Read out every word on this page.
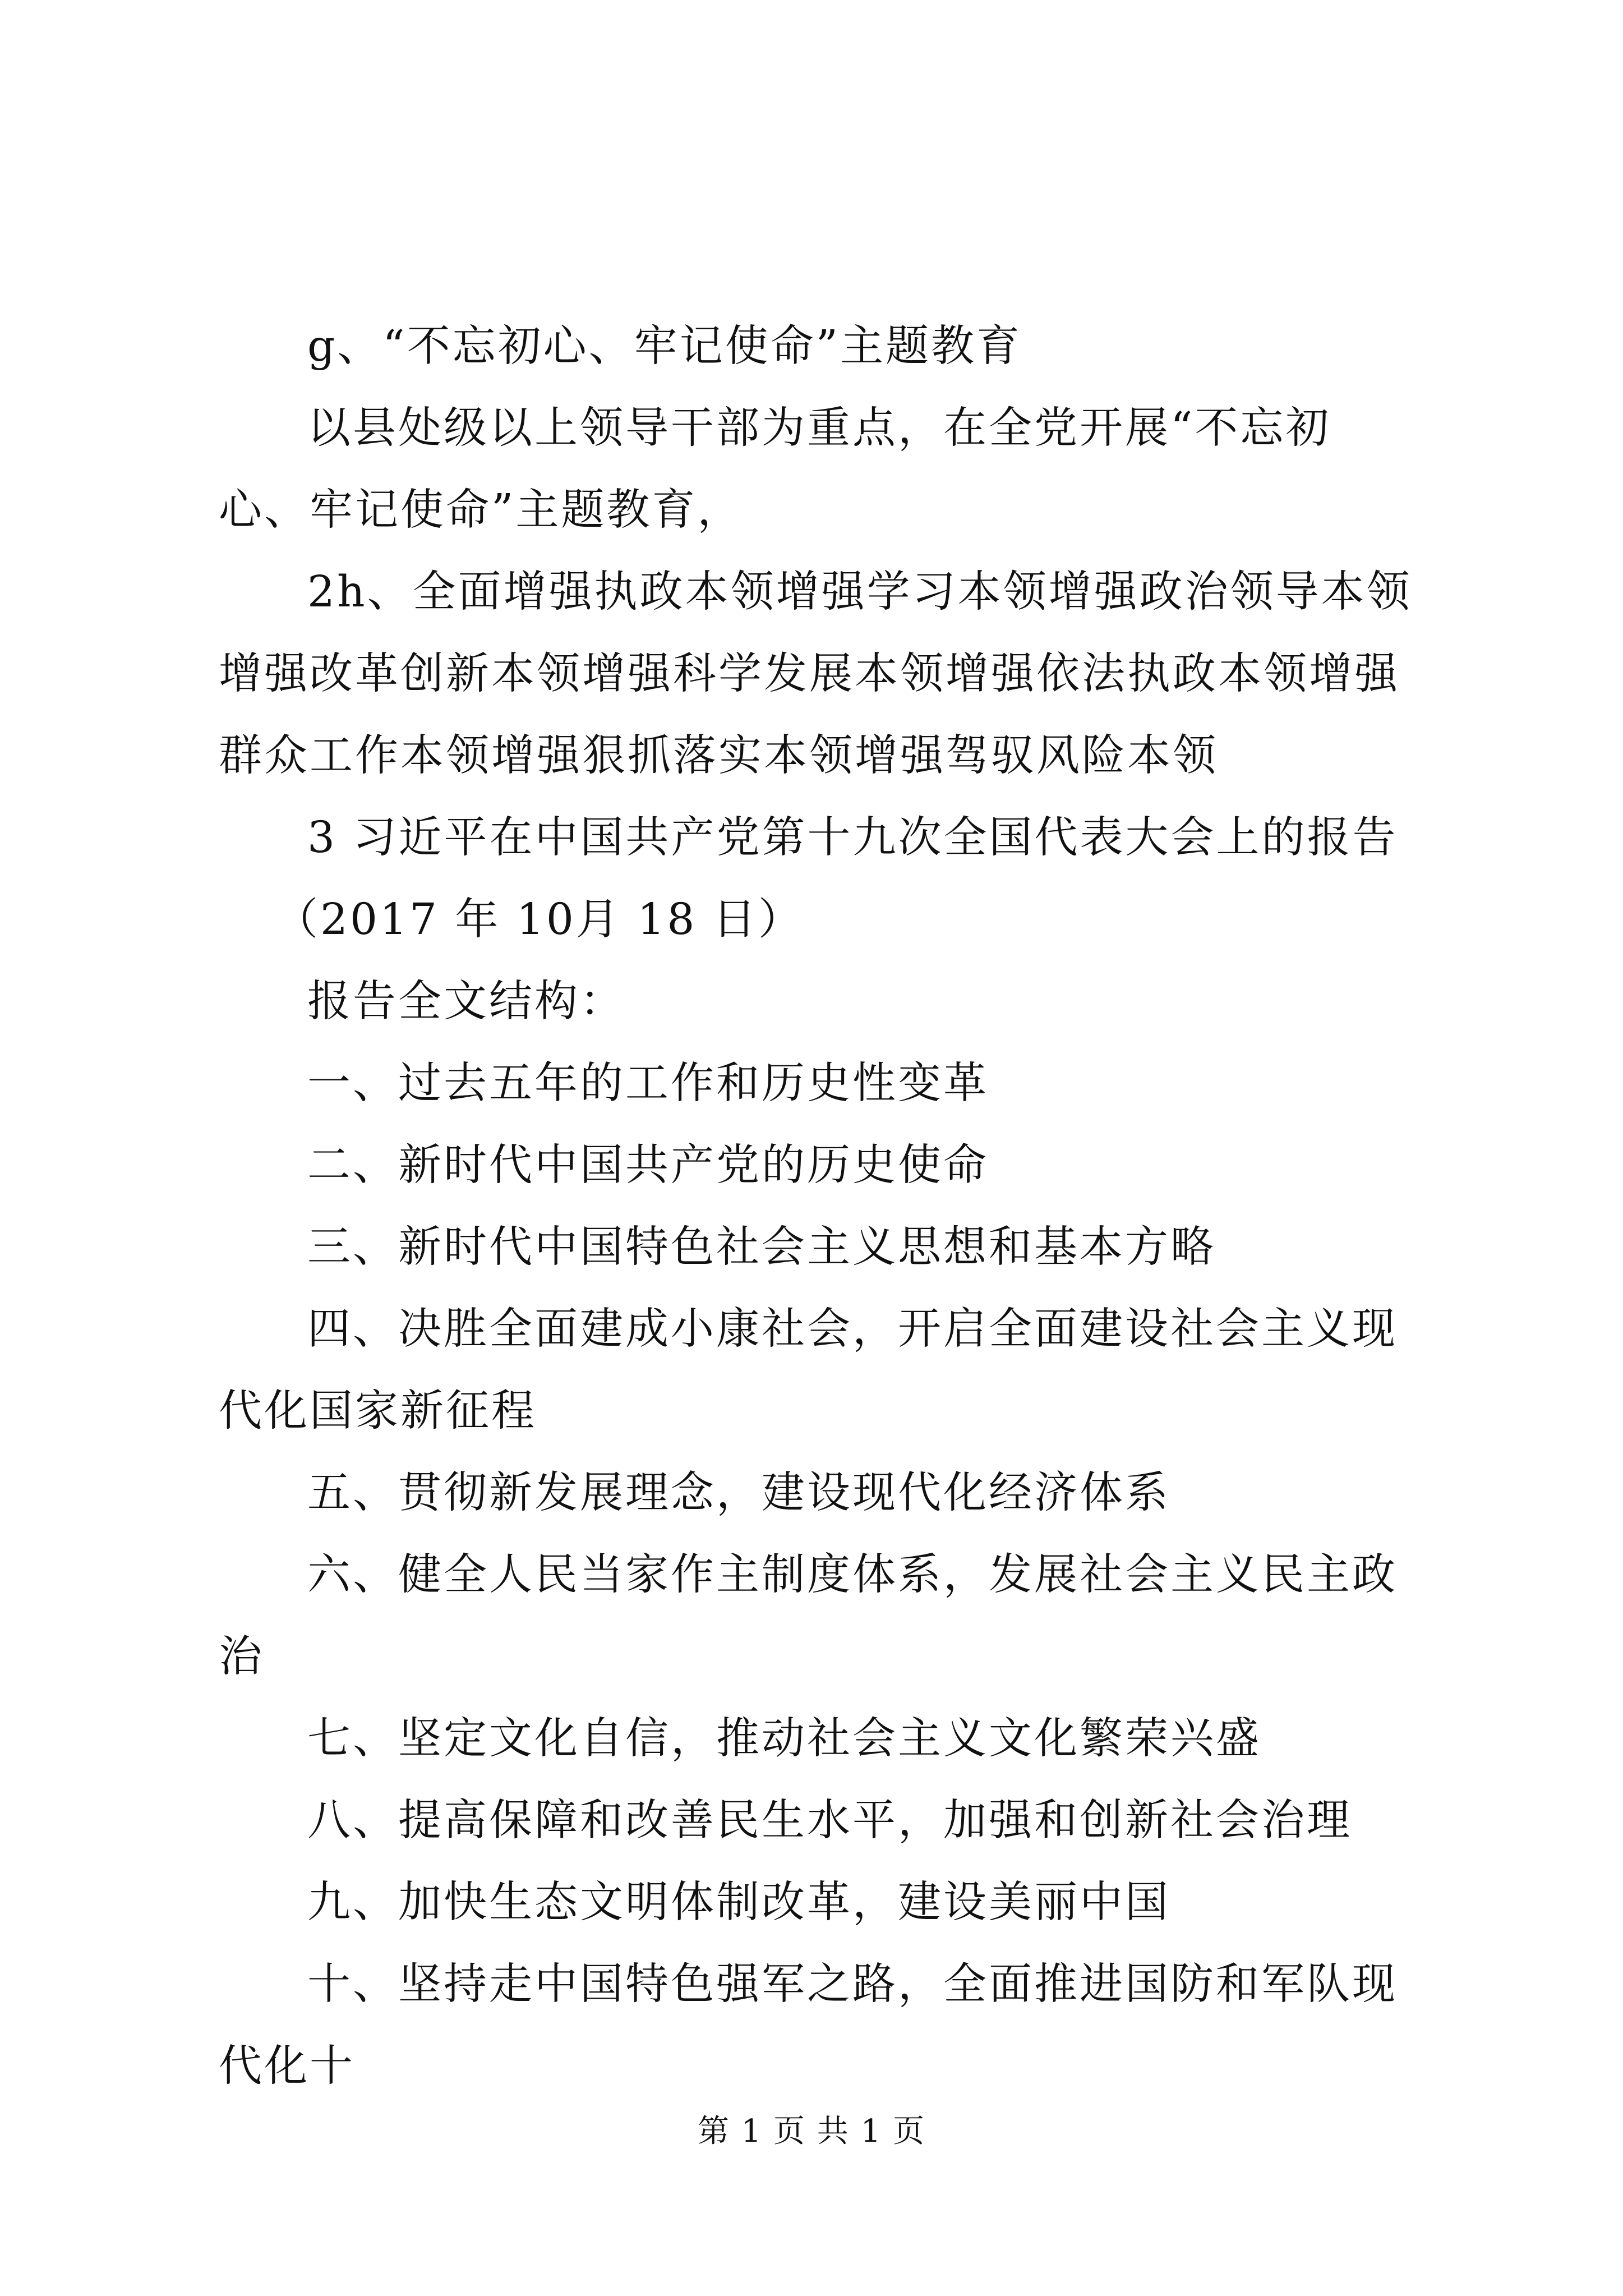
g、“不忘初心、牢记使命”主题教育

以县处级以上领导干部为重点，在全党开展“不忘初心、牢记使命”主题教育，

2h、全面增强执政本领增强学习本领增强政治领导本领增强改革创新本领增强科学发展本领增强依法执政本领增强群众工作本领增强狠抓落实本领增强驾驭风险本领

3 习近平在中国共产党第十九次全国代表大会上的报告

（2017 年 10月 18 日）

报告全文结构：

一、过去五年的工作和历史性变革

二、新时代中国共产党的历史使命

三、新时代中国特色社会主义思想和基本方略

四、决胜全面建成小康社会，开启全面建设社会主义现代化国家新征程

五、贯彻新发展理念，建设现代化经济体系

六、健全人民当家作主制度体系，发展社会主义民主政治

七、坚定文化自信，推动社会主义文化繁荣兴盛

八、提高保障和改善民生水平，加强和创新社会治理

九、加快生态文明体制改革，建设美丽中国

十、坚持走中国特色强军之路，全面推进国防和军队现代化十

第 1 页 共 1 页
